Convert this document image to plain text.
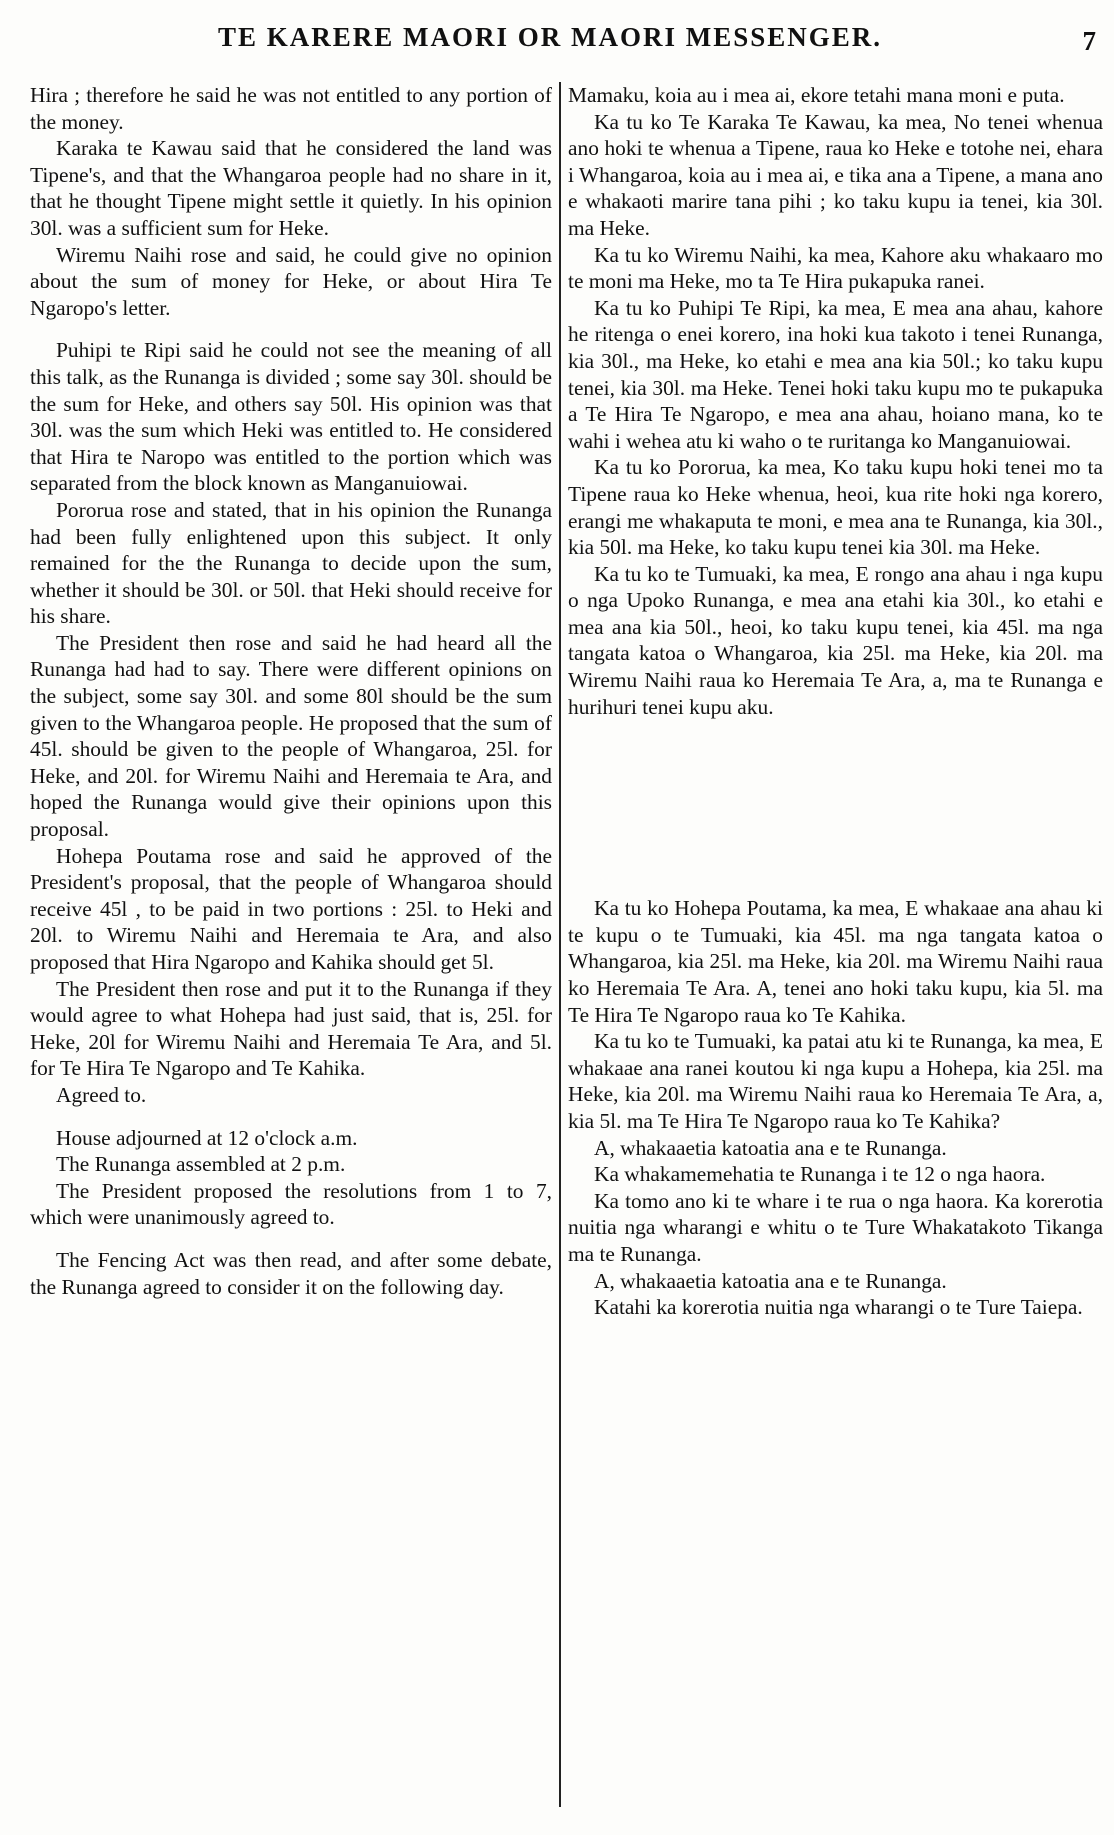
TE KARERE MAORI OR MAORI MESSENGER.	7

Hira ; therefore he said he was not entitled to any portion of the money.

Karaka te Kawau said that he considered the land was Tipene's, and that the Whangaroa people had no share in it, that he thought Tipene might settle it quietly. In his opinion 30l. was a sufficient sum for Heke.

Wiremu Naihi rose and said, he could give no opinion about the sum of money for Heke, or about Hira Te Ngaropo's letter.

Puhipi te Ripi said he could not see the meaning of all this talk, as the Runanga is divided ; some say 30l. should be the sum for Heke, and others say 50l. His opinion was that 30l. was the sum which Heki was entitled to. He considered that Hira te Naropo was entitled to the portion which was separated from the block known as Manganuiowai.

Pororua rose and stated, that in his opinion the Runanga had been fully enlightened upon this subject. It only remained for the the Runanga to decide upon the sum, whether it should be 30l. or 50l. that Heki should receive for his share.

The President then rose and said he had heard all the Runanga had had to say. There were different opinions on the subject, some say 30l. and some 80l should be the sum given to the Whangaroa people. He proposed that the sum of 45l. should be given to the people of Whangaroa, 25l. for Heke, and 20l. for Wiremu Naihi and Heremaia te Ara, and hoped the Runanga would give their opinions upon this proposal.

Hohepa Poutama rose and said he approved of the President's proposal, that the people of Whangaroa should receive 45l , to be paid in two portions : 25l. to Heki and 20l. to Wiremu Naihi and Heremaia te Ara, and also proposed that Hira Ngaropo and Kahika should get 5l.

The President then rose and put it to the Runanga if they would agree to what Hohepa had just said, that is, 25l. for Heke, 20l for Wiremu Naihi and Heremaia Te Ara, and 5l. for Te Hira Te Ngaropo and Te Kahika.

Agreed to.

House adjourned at 12 o'clock a.m.

The Runanga assembled at 2 p.m.

The President proposed the resolutions from 1 to 7, which were unanimously agreed to.

The Fencing Act was then read, and after some debate, the Runanga agreed to consider it on the following day.

Mamaku, koia au i mea ai, ekore tetahi mana moni e puta.

Ka tu ko Te Karaka Te Kawau, ka mea, No tenei whenua ano hoki te whenua a Tipene, raua ko Heke e totohe nei, ehara i Whangaroa, koia au i mea ai, e tika ana a Tipene, a mana ano e whakaoti marire tana pihi ; ko taku kupu ia tenei, kia 30l. ma Heke.

Ka tu ko Wiremu Naihi, ka mea, Kahore aku whakaaro mo te moni ma Heke, mo ta Te Hira pukapuka ranei.

Ka tu ko Puhipi Te Ripi, ka mea, E mea ana ahau, kahore he ritenga o enei korero, ina hoki kua takoto i tenei Runanga, kia 30l., ma Heke, ko etahi e mea ana kia 50l.; ko taku kupu tenei, kia 30l. ma Heke. Tenei hoki taku kupu mo te pukapuka a Te Hira Te Ngaropo, e mea ana ahau, hoiano mana, ko te wahi i wehea atu ki waho o te ruritanga ko Manganuiowai.

Ka tu ko Pororua, ka mea, Ko taku kupu hoki tenei mo ta Tipene raua ko Heke whenua, heoi, kua rite hoki nga korero, erangi me whakaputa te moni, e mea ana te Runanga, kia 30l., kia 50l. ma Heke, ko taku kupu tenei kia 30l. ma Heke.

Ka tu ko te Tumuaki, ka mea, E rongo ana ahau i nga kupu o nga Upoko Runanga, e mea ana etahi kia 30l., ko etahi e mea ana kia 50l., heoi, ko taku kupu tenei, kia 45l. ma nga tangata katoa o Whangaroa, kia 25l. ma Heke, kia 20l. ma Wiremu Naihi raua ko Heremaia Te Ara, a, ma te Runanga e hurihuri tenei kupu aku.

Ka tu ko Hohepa Poutama, ka mea, E whakaae ana ahau ki te kupu o te Tumuaki, kia 45l. ma nga tangata katoa o Whangaroa, kia 25l. ma Heke, kia 20l. ma Wiremu Naihi raua ko Heremaia Te Ara. A, tenei ano hoki taku kupu, kia 5l. ma Te Hira Te Ngaropo raua ko Te Kahika.

Ka tu ko te Tumuaki, ka patai atu ki te Runanga, ka mea, E whakaae ana ranei koutou ki nga kupu a Hohepa, kia 25l. ma Heke, kia 20l. ma Wiremu Naihi raua ko Heremaia Te Ara, a, kia 5l. ma Te Hira Te Ngaropo raua ko Te Kahika?

A, whakaaetia katoatia ana e te Runanga.

Ka whakamemehatia te Runanga i te 12 o nga haora.

Ka tomo ano ki te whare i te rua o nga haora. Ka korerotia nuitia nga wharangi e whitu o te Ture Whakatakoto Tikanga ma te Runanga.

A, whakaaetia katoatia ana e te Runanga.

Katahi ka korerotia nuitia nga wharangi o te Ture Taiepa.
